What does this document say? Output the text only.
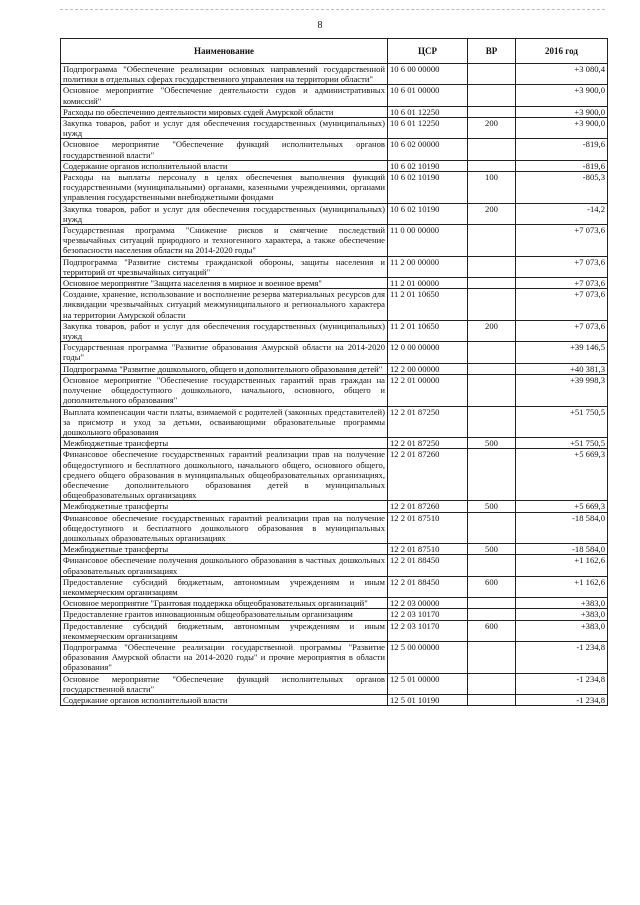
8
Наименование	ЦСР	ВР	2016 год
Подпрограмма "Обеспечение реализации основных направлений государственной политики в отдельных сферах государственного управления на территории области"	10 6 00 00000		+3 080,4
Основное мероприятие "Обеспечение деятельности судов и административных комиссий"	10 6 01 00000		+3 900,0
Расходы по обеспечению деятельности мировых судей Амурской области	10 6 01 12250		+3 900,0
Закупка товаров, работ и услуг для обеспечения государственных (муниципальных) нужд	10 6 01 12250	200	+3 900,0
Основное мероприятие "Обеспечение функций исполнительных органов государственной власти"	10 6 02 00000		-819,6
Содержание органов исполнительной власти	10 6 02 10190		-819,6
Расходы на выплаты персоналу в целях обеспечения выполнения функций государственными (муниципальными) органами, казенными учреждениями, органами управления государственными внебюджетными фондами	10 6 02 10190	100	-805,3
Закупка товаров, работ и услуг для обеспечения государственных (муниципальных) нужд	10 6 02 10190	200	-14,2
Государственная программа "Снижение рисков и смягчение последствий чрезвычайных ситуаций природного и техногенного характера, а также обеспечение безопасности населения области на 2014-2020 годы"	11 0 00 00000		+7 073,6
Подпрограмма "Развитие системы гражданской обороны, защиты населения и территорий от чрезвычайных ситуаций"	11 2 00 00000		+7 073,6
Основное мероприятие "Защита населения в мирное и военное время"	11 2 01 00000		+7 073,6
Создание, хранение, использование и восполнение резерва материальных ресурсов для ликвидации чрезвычайных ситуаций межмуниципального и регионального характера на территории Амурской области	11 2 01 10650		+7 073,6
Закупка товаров, работ и услуг для обеспечения государственных (муниципальных) нужд	11 2 01 10650	200	+7 073,6
Государственная программа "Развитие образования Амурской области на 2014-2020 годы"	12 0 00 00000		+39 146,5
Подпрограмма "Развитие дошкольного, общего и дополнительного образования детей"	12 2 00 00000		+40 381,3
Основное мероприятие "Обеспечение государственных гарантий прав граждан на получение общедоступного дошкольного, начального, основного, общего и дополнительного образования"	12 2 01 00000		+39 998,3
Выплата компенсации части платы, взимаемой с родителей (законных представителей) за присмотр и уход за детьми, осваивающими образовательные программы дошкольного образования	12 2 01 87250		+51 750,5
Межбюджетные трансферты	12 2 01 87250	500	+51 750,5
Финансовое обеспечение государственных гарантий реализации прав на получение общедоступного и бесплатного дошкольного, начального общего, основного общего, среднего общего образования в муниципальных общеобразовательных организациях, обеспечение дополнительного образования детей в муниципальных общеобразовательных организациях	12 2 01 87260		+5 669,3
Межбюджетные трансферты	12 2 01 87260	500	+5 669,3
Финансовое обеспечение государственных гарантий реализации прав на получение общедоступного и бесплатного дошкольного образования в муниципальных дошкольных образовательных организациях	12 2 01 87510		-18 584,0
Межбюджетные трансферты	12 2 01 87510	500	-18 584,0
Финансовое обеспечение получения дошкольного образования в частных дошкольных образовательных организациях	12 2 01 88450		+1 162,6
Предоставление субсидий бюджетным, автономным учреждениям и иным некоммерческим организациям	12 2 01 88450	600	+1 162,6
Основное мероприятие "Грантовая поддержка общеобразовательных организаций"	12 2 03 00000		+383,0
Предоставление грантов инновационным общеобразовательным организациям	12 2 03 10170		+383,0
Предоставление субсидий бюджетным, автономным учреждениям и иным некоммерческим организациям	12 2 03 10170	600	+383,0
Подпрограмма "Обеспечение реализации государственной программы "Развитие образования Амурской области на 2014-2020 годы" и прочие мероприятия в области образования"	12 5 00 00000		-1 234,8
Основное мероприятие "Обеспечение функций исполнительных органов государственной власти"	12 5 01 00000		-1 234,8
Содержание органов исполнительной власти	12 5 01 10190		-1 234,8
